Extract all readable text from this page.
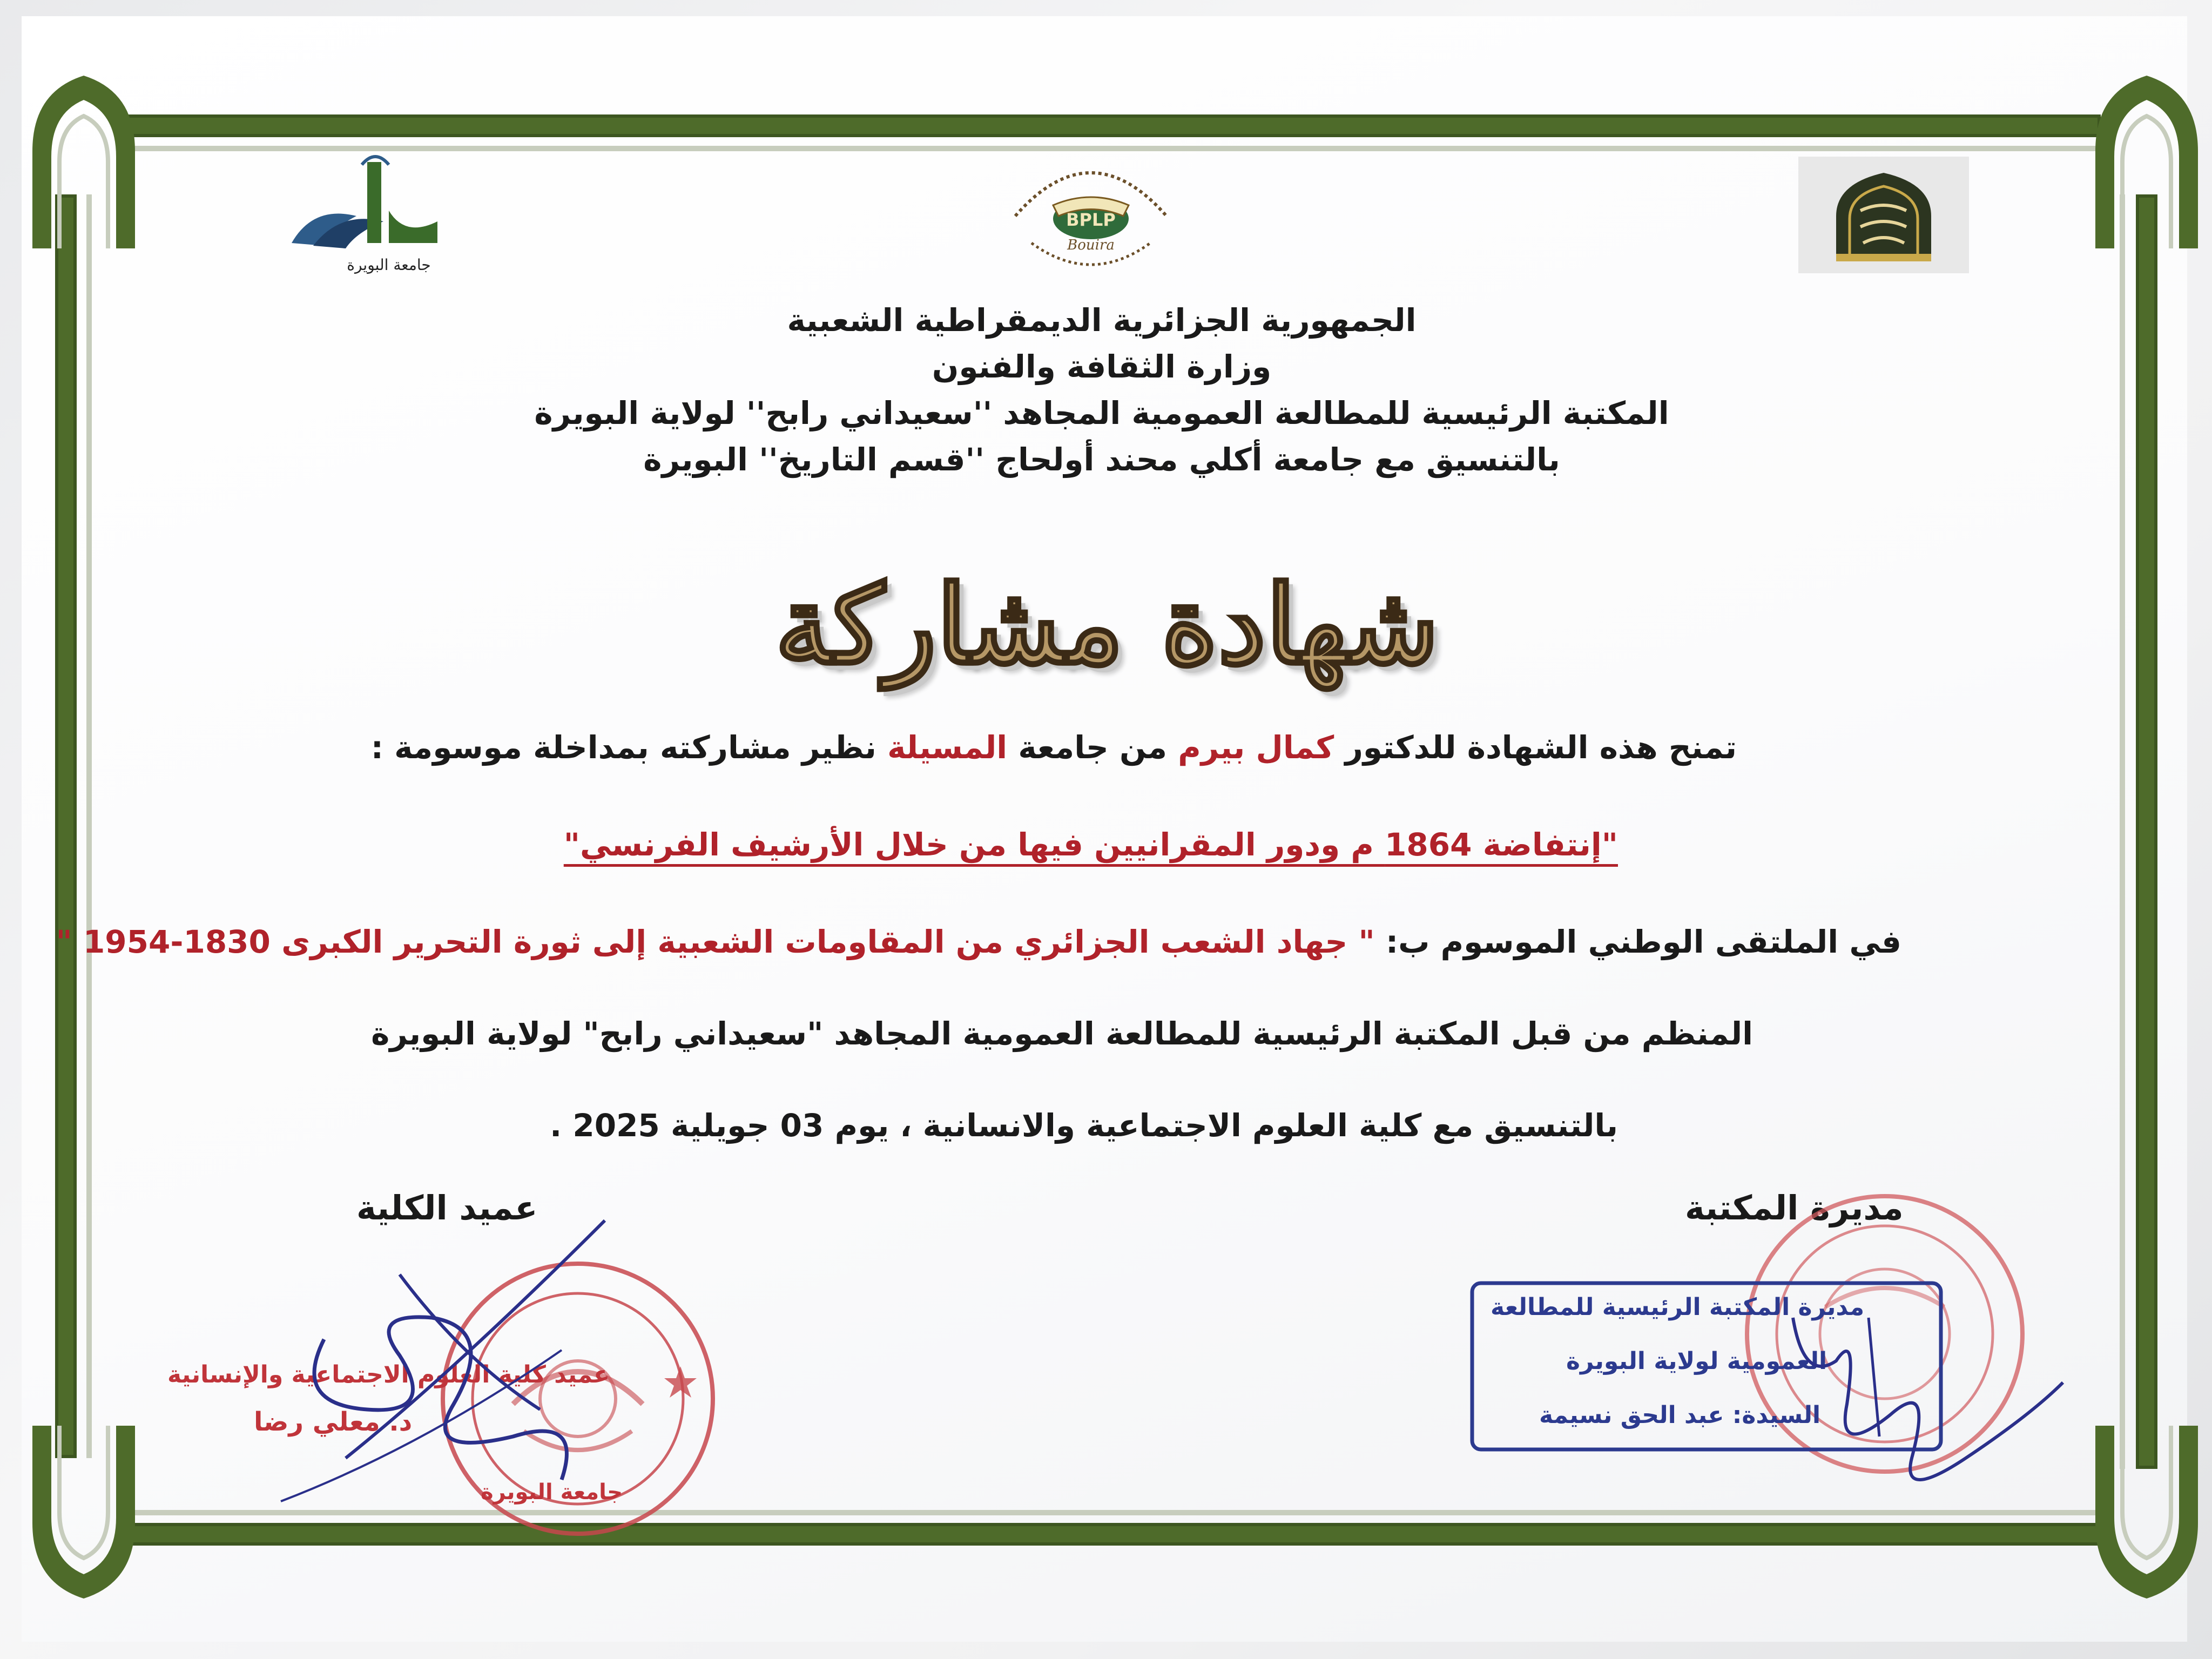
جامعة البويرة
BPLP
Bouira
الجمهورية الجزائرية الديمقراطية الشعبية
وزارة الثقافة والفنون
المكتبة الرئيسية للمطالعة العمومية المجاهد ''سعيداني رابح'' لولاية البويرة
بالتنسيق مع جامعة أكلي محند أولحاج ''قسم التاريخ'' البويرة
شهادة مشاركة
تمنح هذه الشهادة للدكتور كمال بيرم من جامعة المسيلة نظير مشاركته بمداخلة موسومة :
"إنتفاضة 1864 م ودور المقرانيين فيها من خلال الأرشيف الفرنسي"
في الملتقى الوطني الموسوم ب: " جهاد الشعب الجزائري من المقاومات الشعبية إلى ثورة التحرير الكبرى 1830-1954 "
المنظم من قبل المكتبة الرئيسية للمطالعة العمومية المجاهد "سعيداني رابح" لولاية البويرة
بالتنسيق مع كلية العلوم الاجتماعية والانسانية ، يوم 03 جويلية 2025 .
عميد الكلية	مديرة المكتبة
جامعة البويرة
عميد كلية العلوم الاجتماعية والإنسانية
د. معلي رضا
مديرة المكتبة الرئيسية للمطالعة
العمومية لولاية البويرة
السيدة: عبد الحق نسيمة
